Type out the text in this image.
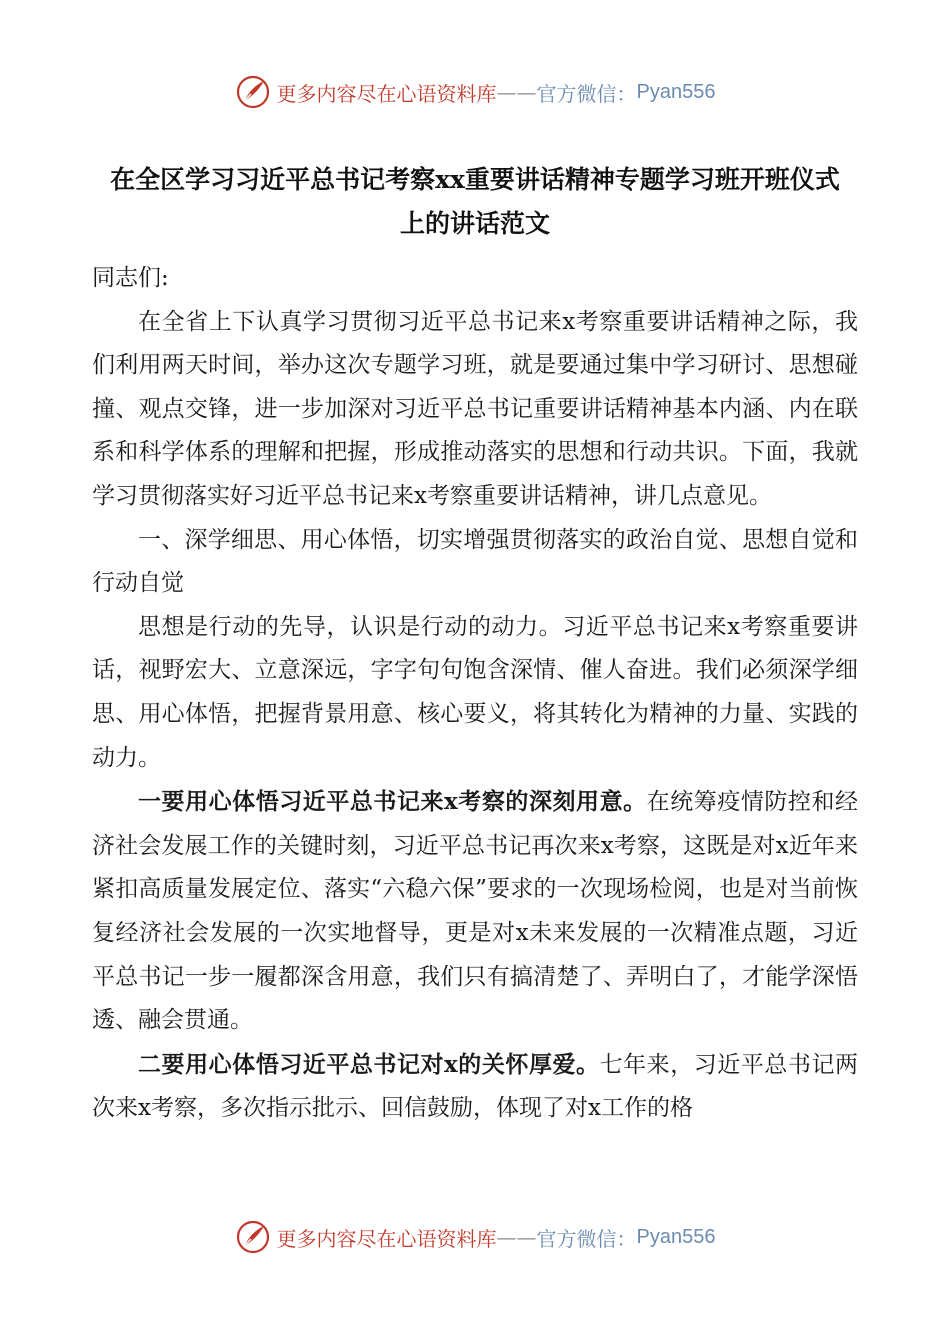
更多内容尽在心语资料库 —— 官方微信： Pyan556
在全区学习习近平总书记考察xx重要讲话精神专题学习班开班仪式
上的讲话范文

同志们:

在全省上下认真学习贯彻习近平总书记来x考察重要讲话精神之际，我们利用两天时间，举办这次专题学习班，就是要通过集中学习研讨、思想碰撞、观点交锋，进一步加深对习近平总书记重要讲话精神基本内涵、内在联系和科学体系的理解和把握，形成推动落实的思想和行动共识。下面，我就学习贯彻落实好习近平总书记来x考察重要讲话精神，讲几点意见。

一、深学细思、用心体悟，切实增强贯彻落实的政治自觉、思想自觉和行动自觉

思想是行动的先导，认识是行动的动力。习近平总书记来x考察重要讲话，视野宏大、立意深远，字字句句饱含深情、催人奋进。我们必须深学细思、用心体悟，把握背景用意、核心要义，将其转化为精神的力量、实践的动力。

一要用心体悟习近平总书记来x考察的深刻用意。在统筹疫情防控和经济社会发展工作的关键时刻，习近平总书记再次来x考察，这既是对x近年来紧扣高质量发展定位、落实“六稳六保”要求的一次现场检阅，也是对当前恢复经济社会发展的一次实地督导，更是对x未来发展的一次精准点题，习近平总书记一步一履都深含用意，我们只有搞清楚了、弄明白了，才能学深悟透、融会贯通。

二要用心体悟习近平总书记对x的关怀厚爱。七年来，习近平总书记两次来x考察，多次指示批示、回信鼓励，体现了对x工作的格

更多内容尽在心语资料库 —— 官方微信： Pyan556
